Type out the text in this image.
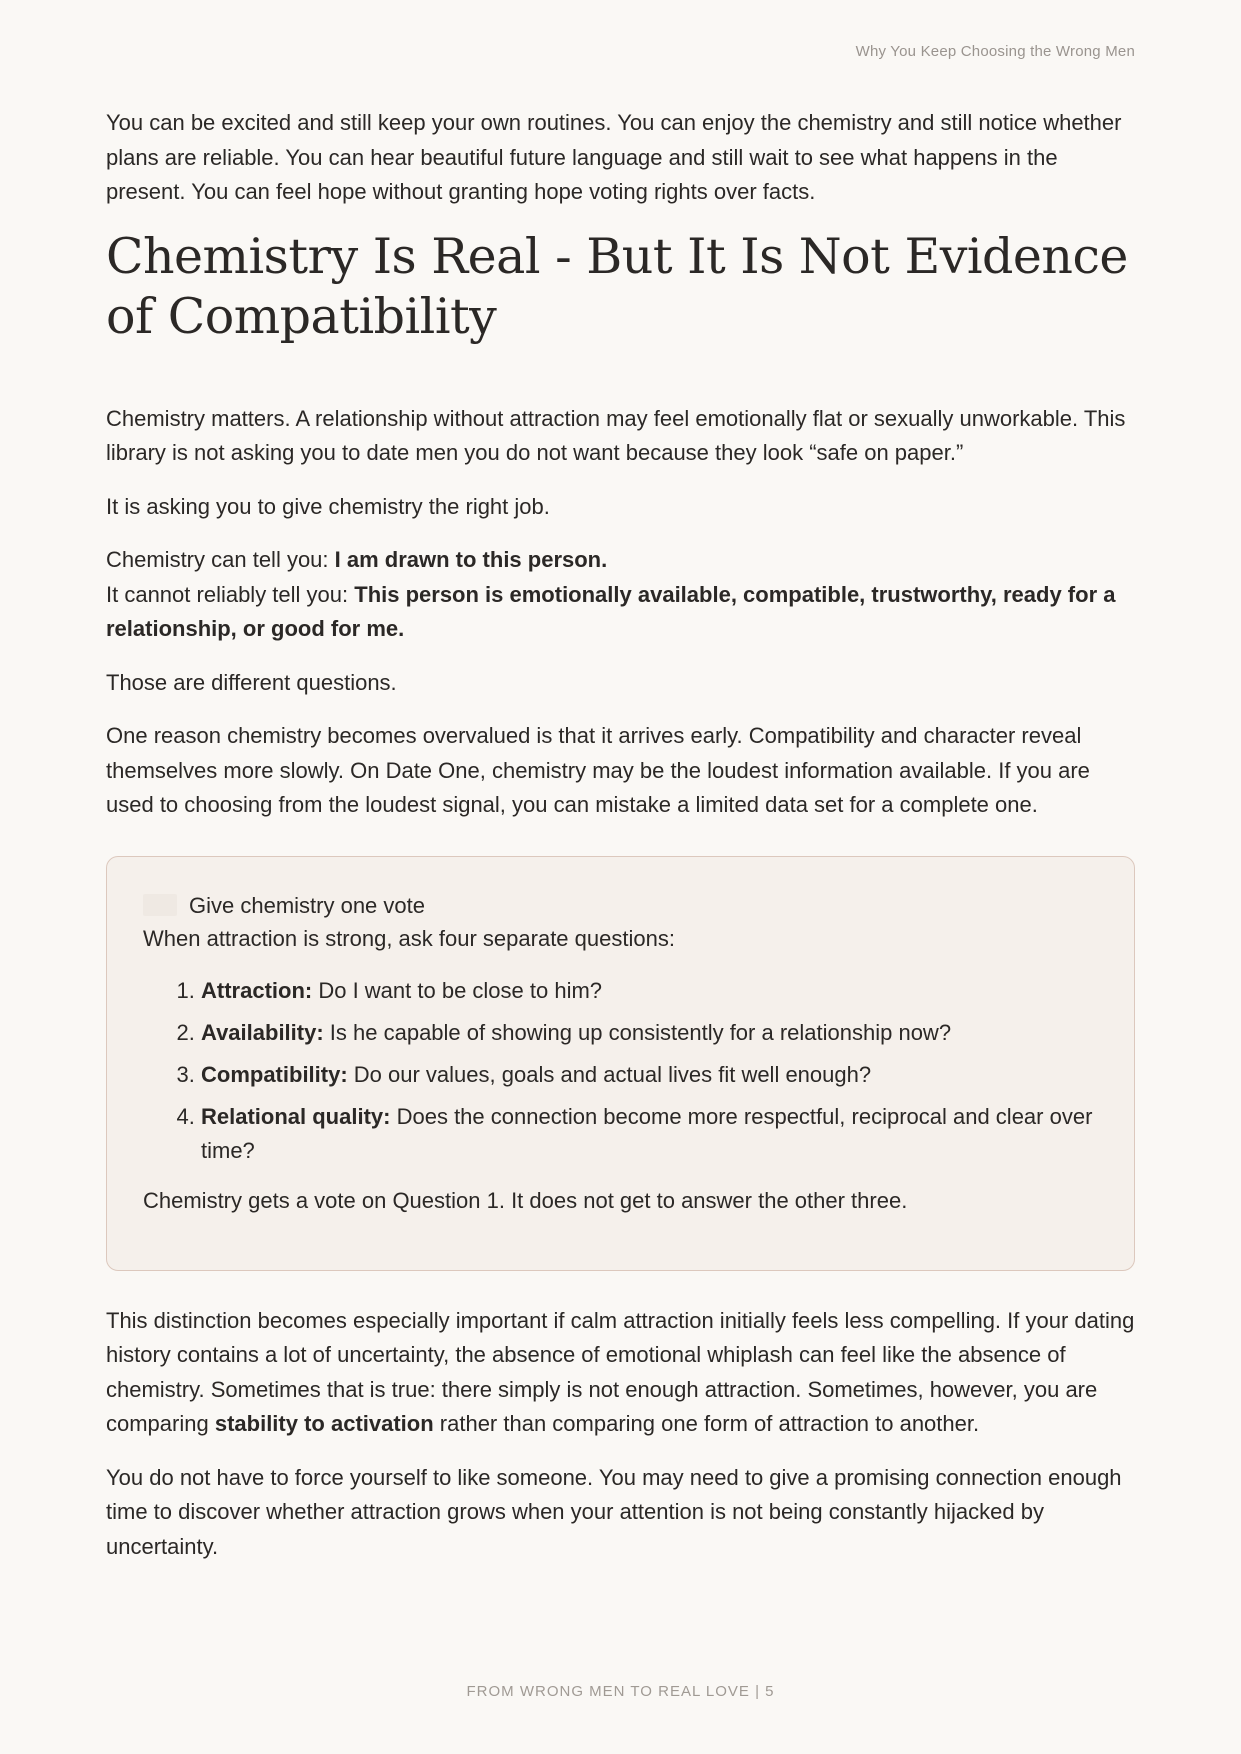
Why You Keep Choosing the Wrong Men

You can be excited and still keep your own routines. You can enjoy the chemistry and still notice whether plans are reliable. You can hear beautiful future language and still wait to see what happens in the present. You can feel hope without granting hope voting rights over facts.

Chemistry Is Real - But It Is Not Evidence of Compatibility

Chemistry matters. A relationship without attraction may feel emotionally flat or sexually unworkable. This library is not asking you to date men you do not want because they look “safe on paper.”

It is asking you to give chemistry the right job.

Chemistry can tell you: I am drawn to this person.
It cannot reliably tell you: This person is emotionally available, compatible, trustworthy, ready for a relationship, or good for me.

Those are different questions.

One reason chemistry becomes overvalued is that it arrives early. Compatibility and character reveal themselves more slowly. On Date One, chemistry may be the loudest information available. If you are used to choosing from the loudest signal, you can mistake a limited data set for a complete one.

Give chemistry one vote
When attraction is strong, ask four separate questions:
1. Attraction: Do I want to be close to him?
2. Availability: Is he capable of showing up consistently for a relationship now?
3. Compatibility: Do our values, goals and actual lives fit well enough?
4. Relational quality: Does the connection become more respectful, reciprocal and clear over time?
Chemistry gets a vote on Question 1. It does not get to answer the other three.

This distinction becomes especially important if calm attraction initially feels less compelling. If your dating history contains a lot of uncertainty, the absence of emotional whiplash can feel like the absence of chemistry. Sometimes that is true: there simply is not enough attraction. Sometimes, however, you are comparing stability to activation rather than comparing one form of attraction to another.

You do not have to force yourself to like someone. You may need to give a promising connection enough time to discover whether attraction grows when your attention is not being constantly hijacked by uncertainty.

FROM WRONG MEN TO REAL LOVE | 5
